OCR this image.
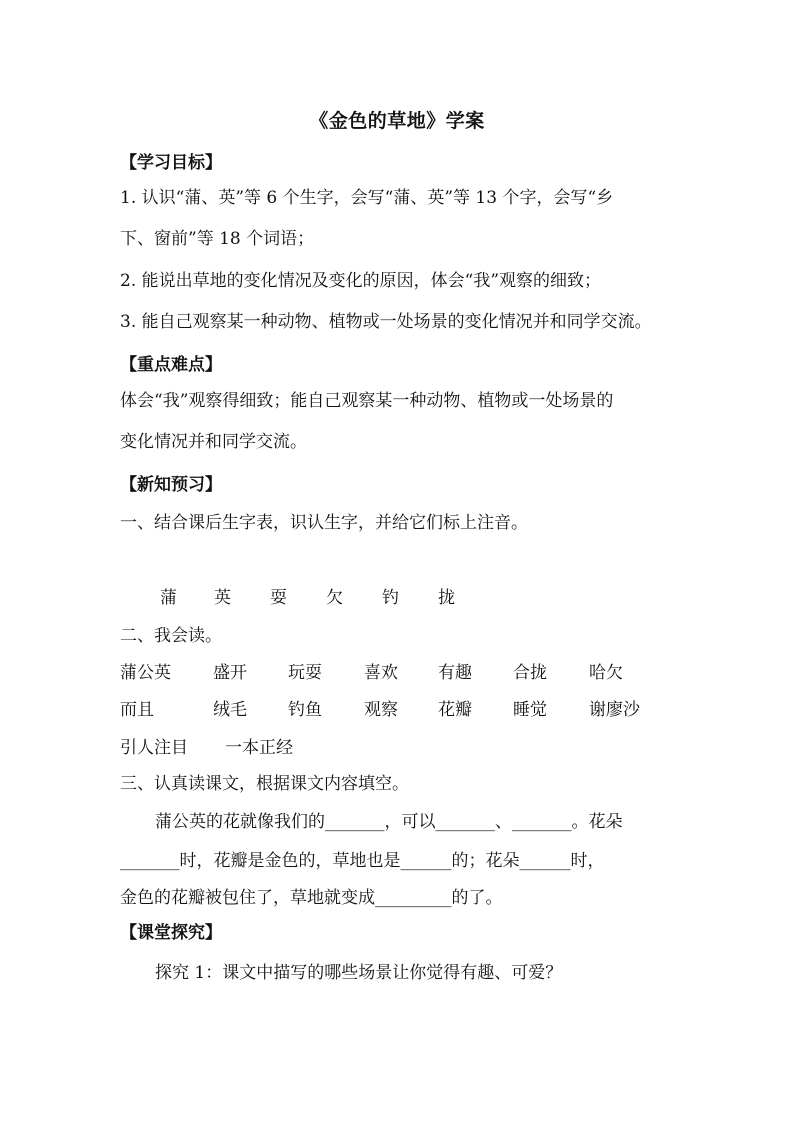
《金色的草地》学案
【学习目标】
1. 认识“蒲、英”等 6 个生字，会写“蒲、英”等 13 个字，会写“乡
下、窗前”等 18 个词语；
2. 能说出草地的变化情况及变化的原因，体会“我”观察的细致；
3. 能自己观察某一种动物、植物或一处场景的变化情况并和同学交流。
【重点难点】
体会“我”观察得细致；能自己观察某一种动物、植物或一处场景的
变化情况并和同学交流。
【新知预习】
一、结合课后生字表，识认生字，并给它们标上注音。
蒲 英 耍 欠 钓 拢
二、我会读。
蒲公英 盛开 玩耍 喜欢 有趣 合拢 哈欠
而且	绒毛 钓鱼 观察 花瓣 睡觉 谢廖沙
引人注目 一本正经
三、认真读课文，根据课文内容填空。
蒲公英的花就像我们的_______，可以_______、_______。花朵
_______时，花瓣是金色的，草地也是______的；花朵______时，
金色的花瓣被包住了，草地就变成_________的了。
【课堂探究】
探究 1：课文中描写的哪些场景让你觉得有趣、可爱？
